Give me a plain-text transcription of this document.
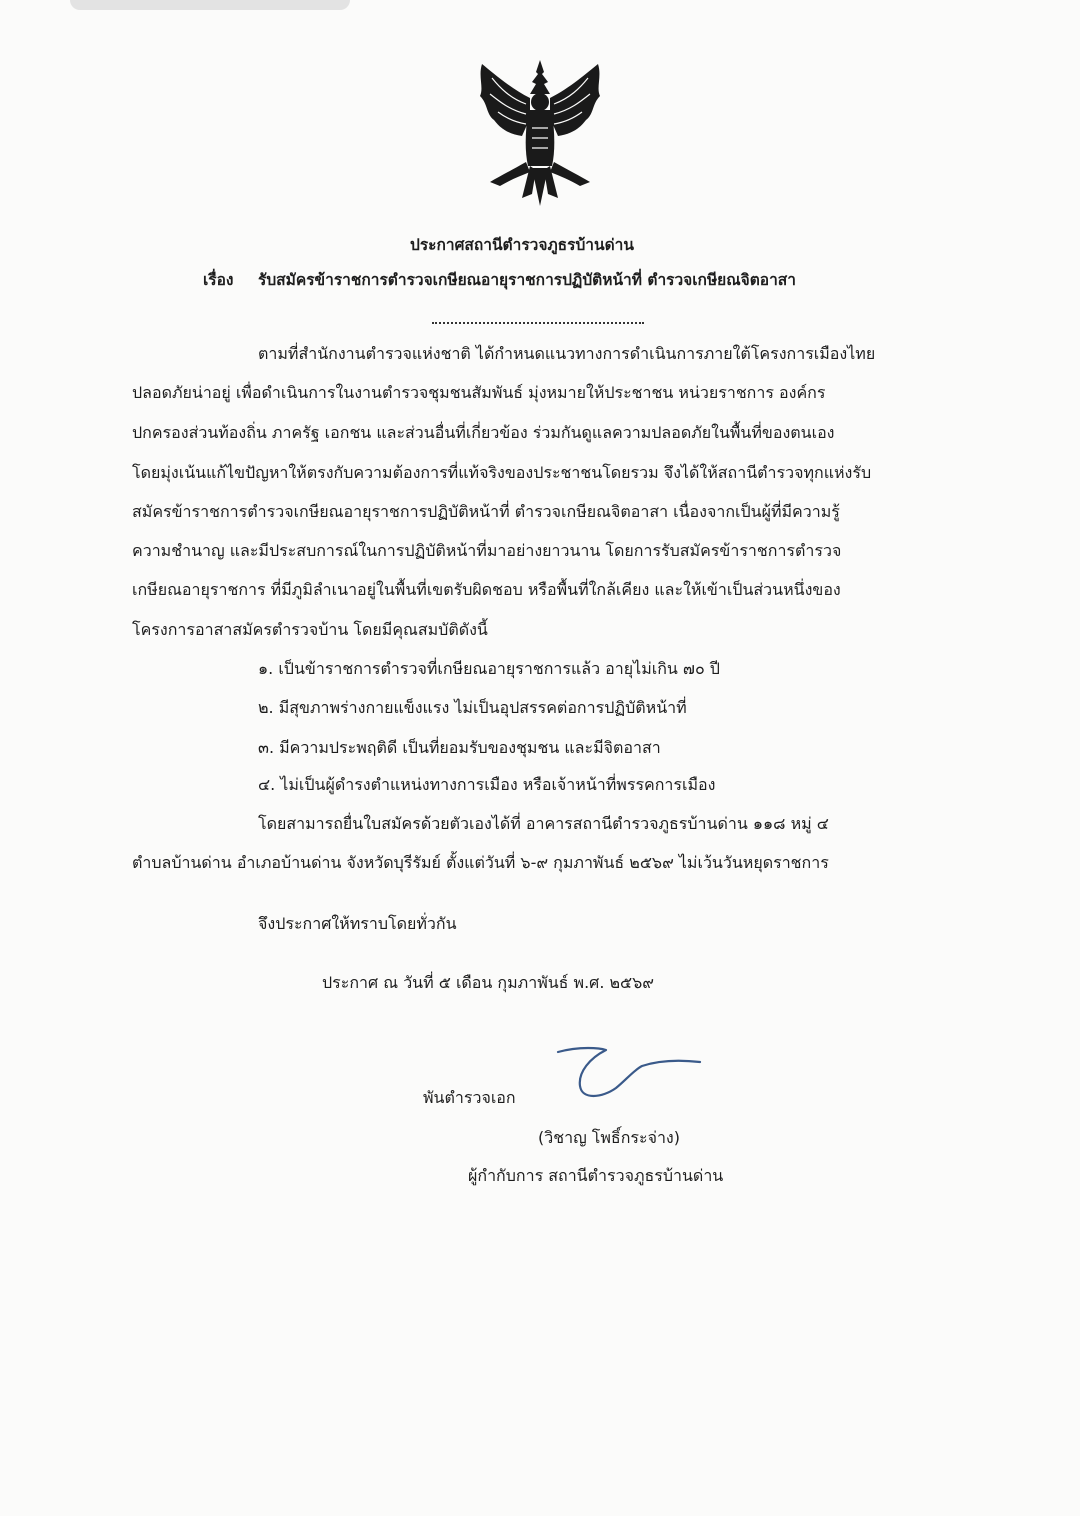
ประกาศสถานีตำรวจภูธรบ้านด่าน
เรื่อง รับสมัครข้าราชการตำรวจเกษียณอายุราชการปฏิบัติหน้าที่ ตำรวจเกษียณจิตอาสา
ตามที่สำนักงานตำรวจแห่งชาติ ได้กำหนดแนวทางการดำเนินการภายใต้โครงการเมืองไทย
ปลอดภัยน่าอยู่ เพื่อดำเนินการในงานตำรวจชุมชนสัมพันธ์ มุ่งหมายให้ประชาชน หน่วยราชการ องค์กร
ปกครองส่วนท้องถิ่น ภาครัฐ เอกชน และส่วนอื่นที่เกี่ยวข้อง ร่วมกันดูแลความปลอดภัยในพื้นที่ของตนเอง
โดยมุ่งเน้นแก้ไขปัญหาให้ตรงกับความต้องการที่แท้จริงของประชาชนโดยรวม จึงได้ให้สถานีตำรวจทุกแห่งรับ
สมัครข้าราชการตำรวจเกษียณอายุราชการปฏิบัติหน้าที่ ตำรวจเกษียณจิตอาสา เนื่องจากเป็นผู้ที่มีความรู้
ความชำนาญ และมีประสบการณ์ในการปฏิบัติหน้าที่มาอย่างยาวนาน โดยการรับสมัครข้าราชการตำรวจ
เกษียณอายุราชการ ที่มีภูมิลำเนาอยู่ในพื้นที่เขตรับผิดชอบ หรือพื้นที่ใกล้เคียง และให้เข้าเป็นส่วนหนึ่งของ
โครงการอาสาสมัครตำรวจบ้าน โดยมีคุณสมบัติดังนี้
๑. เป็นข้าราชการตำรวจที่เกษียณอายุราชการแล้ว อายุไม่เกิน ๗๐ ปี
๒. มีสุขภาพร่างกายแข็งแรง ไม่เป็นอุปสรรคต่อการปฏิบัติหน้าที่
๓. มีความประพฤติดี เป็นที่ยอมรับของชุมชน และมีจิตอาสา
๔. ไม่เป็นผู้ดำรงตำแหน่งทางการเมือง หรือเจ้าหน้าที่พรรคการเมือง
โดยสามารถยื่นใบสมัครด้วยตัวเองได้ที่ อาคารสถานีตำรวจภูธรบ้านด่าน ๑๑๘ หมู่ ๔
ตำบลบ้านด่าน อำเภอบ้านด่าน จังหวัดบุรีรัมย์ ตั้งแต่วันที่ ๖-๙ กุมภาพันธ์ ๒๕๖๙ ไม่เว้นวันหยุดราชการ
จึงประกาศให้ทราบโดยทั่วกัน
ประกาศ ณ วันที่ ๕ เดือน กุมภาพันธ์ พ.ศ. ๒๕๖๙
พันตำรวจเอก
(วิชาญ โพธิ์กระจ่าง)
ผู้กำกับการ สถานีตำรวจภูธรบ้านด่าน
